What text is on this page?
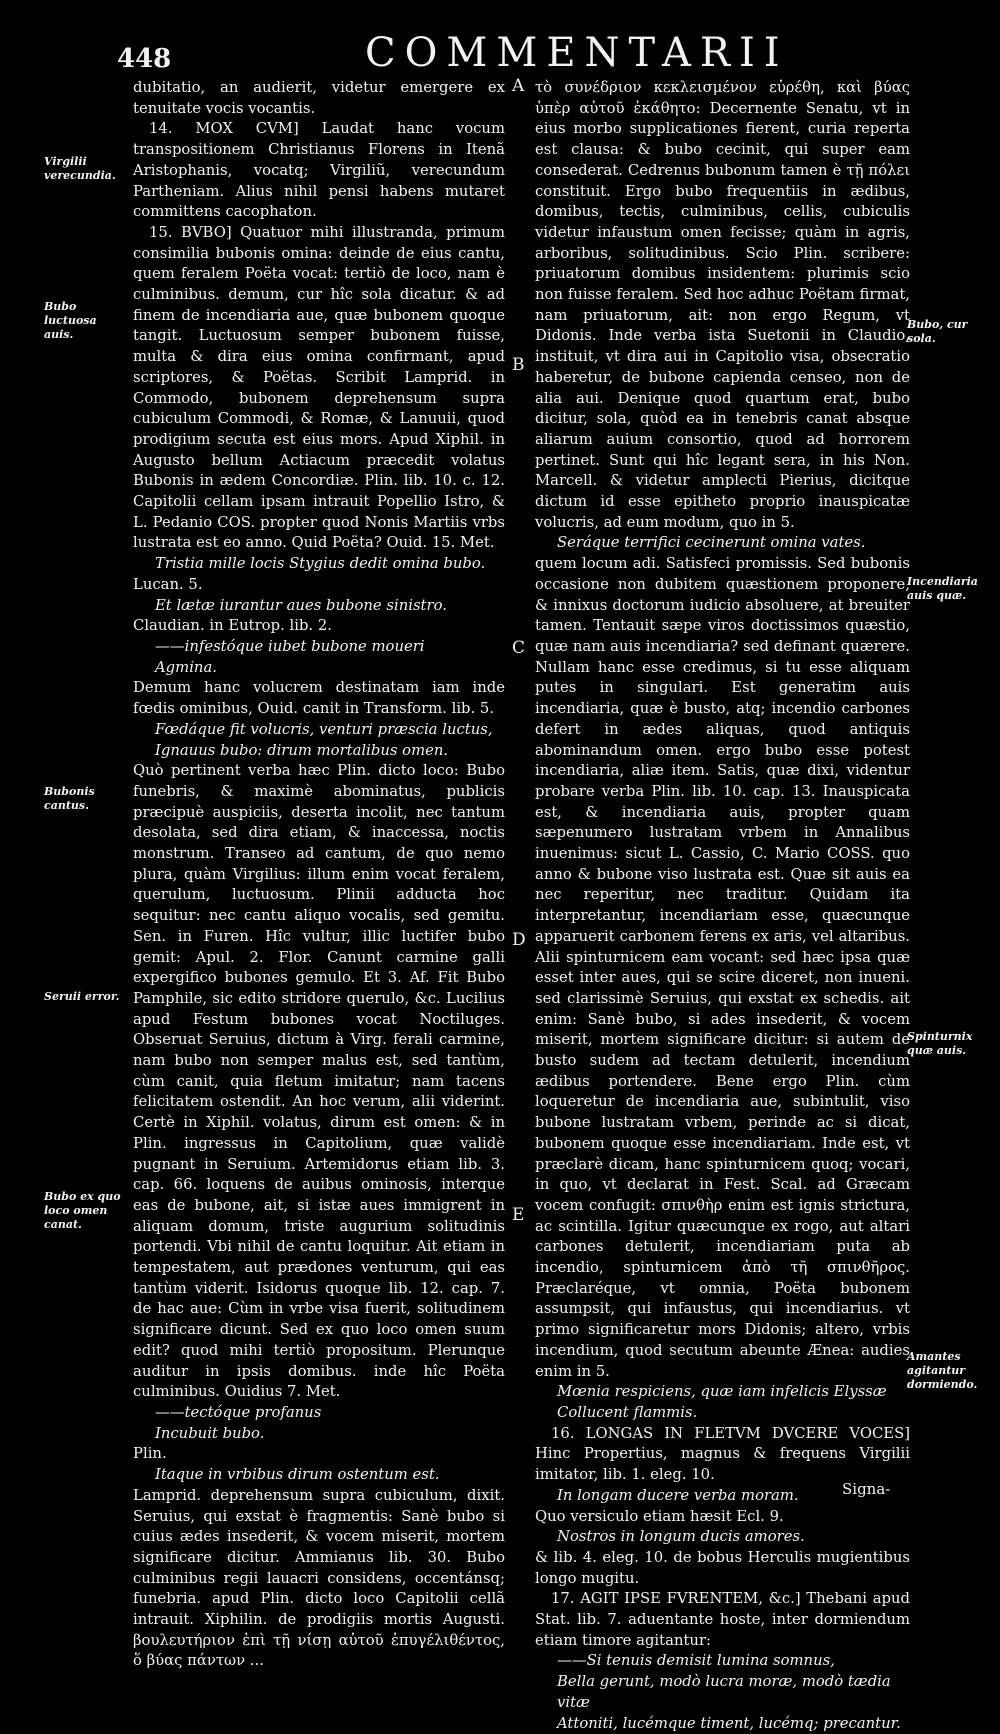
448	COMMENTARII

dubitatio, an audierit, videtur emergere ex tenuitate vocis vocantis.

14. MOX CVM] Laudat hanc vocum transpositionem Christianus Florens in Itenã Aristophanis, vocatq; Virgiliũ, verecundum Partheniam. Alius nihil pensi habens mutaret committens cacophaton.

15. BVBO] Quatuor mihi illustranda, primum consimilia bubonis omina: deinde de eius cantu, quem feralem Poëta vocat: tertiò de loco, nam è culminibus. demum, cur hîc sola dicatur. & ad finem de incendiaria aue, quæ bubonem quoque tangit. Luctuosum semper bubonem fuisse, multa & dira eius omina confirmant, apud scriptores, & Poëtas. Scribit Lamprid. in Commodo, bubonem deprehensum supra cubiculum Commodi, & Romæ, & Lanuuii, quod prodigium secuta est eius mors. Apud Xiphil. in Augusto bellum Actiacum præcedit volatus Bubonis in ædem Concordiæ. Plin. lib. 10. c. 12. Capitolii cellam ipsam intrauit Popellio Istro, & L. Pedanio COS. propter quod Nonis Martiis vrbs lustrata est eo anno. Quid Poëta? Ouid. 15. Met.

Tristia mille locis Stygius dedit omina bubo.

Lucan. 5.

Et lætæ iurantur aues bubone sinistro.

Claudian. in Eutrop. lib. 2.

——infestóque iubet bubone moueri

Agmina.

Demum hanc volucrem destinatam iam inde fœdis ominibus, Ouid. canit in Transform. lib. 5.

Fœdáque fit volucris, venturi præscia luctus,

Ignauus bubo: dirum mortalibus omen.

Quò pertinent verba hæc Plin. dicto loco: Bubo funebris, & maximè abominatus, publicis præcipuè auspiciis, deserta incolit, nec tantum desolata, sed dira etiam, & inaccessa, noctis monstrum. Transeo ad cantum, de quo nemo plura, quàm Virgilius: illum enim vocat feralem, querulum, luctuosum. Plinii adducta hoc sequitur: nec cantu aliquo vocalis, sed gemitu. Sen. in Furen. Hîc vultur, illic luctifer bubo gemit: Apul. 2. Flor. Canunt carmine galli expergifico bubones gemulo. Et 3. Af. Fit Bubo Pamphile, sic edito stridore querulo, &c. Lucilius apud Festum bubones vocat Noctiluges. Obseruat Seruius, dictum à Virg. ferali carmine, nam bubo non semper malus est, sed tantùm, cùm canit, quia fletum imitatur; nam tacens felicitatem ostendit. An hoc verum, alii viderint. Certè in Xiphil. volatus, dirum est omen: & in Plin. ingressus in Capitolium, quæ validè pugnant in Seruium. Artemidorus etiam lib. 3. cap. 66. loquens de auibus ominosis, interque eas de bubone, ait, si istæ aues immigrent in aliquam domum, triste augurium solitudinis portendi. Vbi nihil de cantu loquitur. Ait etiam in tempestatem, aut prædones venturum, qui eas tantùm viderit. Isidorus quoque lib. 12. cap. 7. de hac aue: Cùm in vrbe visa fuerit, solitudinem significare dicunt. Sed ex quo loco omen suum edit? quod mihi tertiò propositum. Plerunque auditur in ipsis domibus. inde hîc Poëta culminibus. Ouidius 7. Met.

——tectóque profanus

Incubuit bubo.

Plin.

Itaque in vrbibus dirum ostentum est.

Lamprid. deprehensum supra cubiculum, dixit. Seruius, qui exstat è fragmentis: Sanè bubo si cuius ædes insederit, & vocem miserit, mortem significare dicitur. Ammianus lib. 30. Bubo culminibus regii lauacri considens, occentánsq; funebria. apud Plin. dicto loco Capitolii cellã intrauit. Xiphilin. de prodigiis mortis Augusti. βουλευτήριον ἐπὶ τῇ νίσῃ αὐτοῦ ἐπυγέλιθέντος, ὅ βύας πάντων ...

τὸ συνέδριον κεκλεισμένον εὑρέθη, καὶ βύας ὑπὲρ αὐτοῦ ἐκάθητο: Decernente Senatu, vt in eius morbo supplicationes fierent, curia reperta est clausa: & bubo cecinit, qui super eam consederat. Cedrenus bubonum tamen è τῇ πόλει constituit. Ergo bubo frequentiis in ædibus, domibus, tectis, culminibus, cellis, cubiculis videtur infaustum omen fecisse; quàm in agris, arboribus, solitudinibus. Scio Plin. scribere: priuatorum domibus insidentem: plurimis scio non fuisse feralem. Sed hoc adhuc Poëtam firmat, nam priuatorum, ait: non ergo Regum, vt Didonis. Inde verba ista Suetonii in Claudio, instituit, vt dira aui in Capitolio visa, obsecratio haberetur, de bubone capienda censeo, non de alia aui. Denique quod quartum erat, bubo dicitur, sola, quòd ea in tenebris canat absque aliarum auium consortio, quod ad horrorem pertinet. Sunt qui hîc legant sera, in his Non. Marcell. & videtur amplecti Pierius, dicitque dictum id esse epitheto proprio inauspicatæ volucris, ad eum modum, quo in 5.

Seráque terrifici cecinerunt omina vates.

quem locum adi. Satisfeci promissis. Sed bubonis occasione non dubitem quæstionem proponere, & innixus doctorum iudicio absoluere, at breuiter tamen. Tentauit sæpe viros doctissimos quæstio, quæ nam auis incendiaria? sed definant quærere. Nullam hanc esse credimus, si tu esse aliquam putes in singulari. Est generatim auis incendiaria, quæ è busto, atq; incendio carbones defert in ædes aliquas, quod antiquis abominandum omen. ergo bubo esse potest incendiaria, aliæ item. Satis, quæ dixi, videntur probare verba Plin. lib. 10. cap. 13. Inauspicata est, & incendiaria auis, propter quam sæpenumero lustratam vrbem in Annalibus inuenimus: sicut L. Cassio, C. Mario COSS. quo anno & bubone viso lustrata est. Quæ sit auis ea nec reperitur, nec traditur. Quidam ita interpretantur, incendiariam esse, quæcunque apparuerit carbonem ferens ex aris, vel altaribus. Alii spinturnicem eam vocant: sed hæc ipsa quæ esset inter aues, qui se scire diceret, non inueni. sed clarissimè Seruius, qui exstat ex schedis. ait enim: Sanè bubo, si ades insederit, & vocem miserit, mortem significare dicitur: si autem de busto sudem ad tectam detulerit, incendium ædibus portendere. Bene ergo Plin. cùm loqueretur de incendiaria aue, subintulit, viso bubone lustratam vrbem, perinde ac si dicat, bubonem quoque esse incendiariam. Inde est, vt præclarè dicam, hanc spinturnicem quoq; vocari, in quo, vt declarat in Fest. Scal. ad Græcam vocem confugit: σπινθὴρ enim est ignis strictura, ac scintilla. Igitur quæcunque ex rogo, aut altari carbones detulerit, incendiariam puta ab incendio, spinturnicem ἀπὸ τῆ σπινθῆρος. Præclaréque, vt omnia, Poëta bubonem assumpsit, qui infaustus, qui incendiarius. vt primo significaretur mors Didonis; altero, vrbis incendium, quod secutum abeunte Ænea: audies enim in 5.

Mœnia respiciens, quæ iam infelicis Elyssæ

Collucent flammis.

16. LONGAS IN FLETVM DVCERE VOCES] Hinc Propertius, magnus & frequens Virgilii imitator, lib. 1. eleg. 10.

In longam ducere verba moram.

Quo versiculo etiam hæsit Ecl. 9.

Nostros in longum ducis amores.

& lib. 4. eleg. 10. de bobus Herculis mugientibus longo mugitu.

17. AGIT IPSE FVRENTEM, &c.] Thebani apud Stat. lib. 7. aduentante hoste, inter dormiendum etiam timore agitantur:

——Si tenuis demisit lumina somnus,

Bella gerunt, modò lucra moræ, modò tædia vitæ

Attoniti, lucémque timent, lucémq; precantur.

Virgilii verecundia.
Bubo luctuosa auis.
Bubonis cantus.
Seruii error.
Bubo ex quo loco omen canat.
Bubo, cur sola.
Incendiaria auis quæ.
Spinturnix quæ auis.
Amantes agitantur dormiendo.
A
B
C
D
E
Signa-
